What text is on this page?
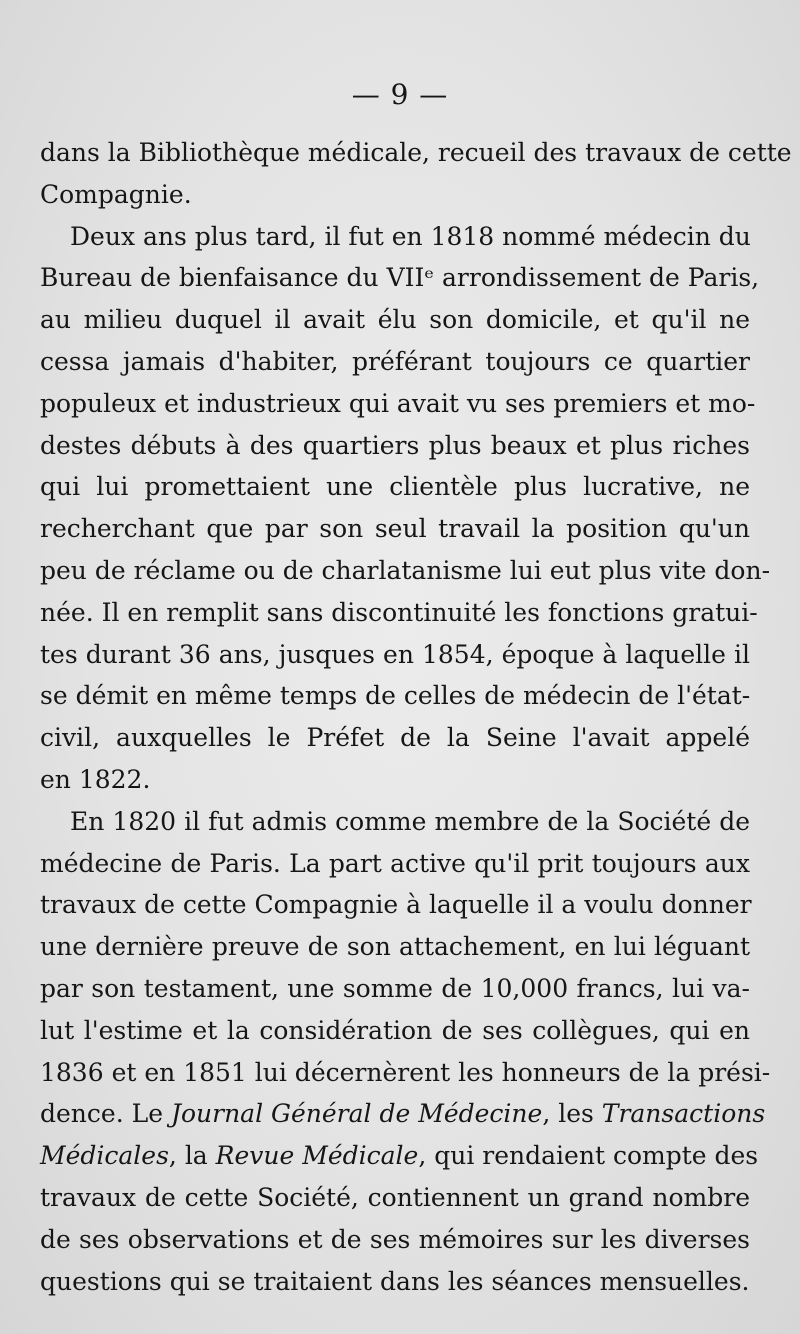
— 9 —
dans la Bibliothèque médicale, recueil des travaux de cette
Compagnie.
Deux ans plus tard, il fut en 1818 nommé médecin du
Bureau de bienfaisance du VIIᵉ arrondissement de Paris,
au milieu duquel il avait élu son domicile, et qu'il ne
cessa jamais d'habiter, préférant toujours ce quartier
populeux et industrieux qui avait vu ses premiers et mo-
destes débuts à des quartiers plus beaux et plus riches
qui lui promettaient une clientèle plus lucrative, ne
recherchant que par son seul travail la position qu'un
peu de réclame ou de charlatanisme lui eut plus vite don-
née. Il en remplit sans discontinuité les fonctions gratui-
tes durant 36 ans, jusques en 1854, époque à laquelle il
se démit en même temps de celles de médecin de l'état-
civil, auxquelles le Préfet de la Seine l'avait appelé
en 1822.
En 1820 il fut admis comme membre de la Société de
médecine de Paris. La part active qu'il prit toujours aux
travaux de cette Compagnie à laquelle il a voulu donner
une dernière preuve de son attachement, en lui léguant
par son testament, une somme de 10,000 francs, lui va-
lut l'estime et la considération de ses collègues, qui en
1836 et en 1851 lui décernèrent les honneurs de la prési-
dence. Le Journal Général de Médecine, les Transactions
Médicales, la Revue Médicale, qui rendaient compte des
travaux de cette Société, contiennent un grand nombre
de ses observations et de ses mémoires sur les diverses
questions qui se traitaient dans les séances mensuelles.
